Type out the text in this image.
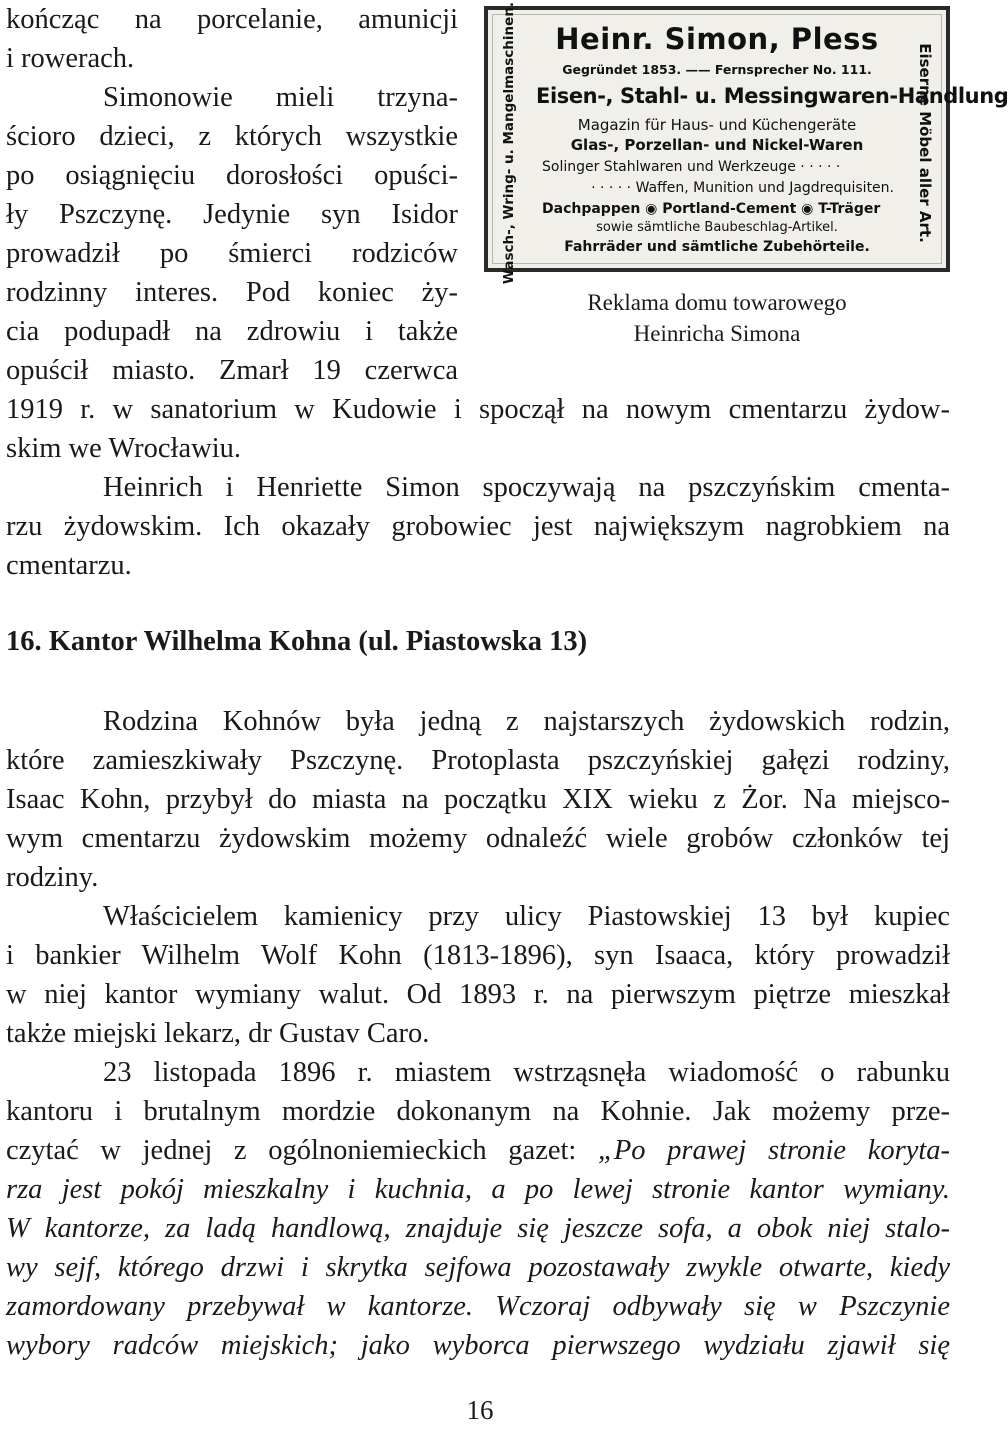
kończąc na porcelanie, amunicji
i rowerach.
Simonowie mieli trzyna-
ścioro dzieci, z których wszystkie
po osiągnięciu dorosłości opuści-
ły Pszczynę. Jedynie syn Isidor
prowadził po śmierci rodziców
rodzinny interes. Pod koniec ży-
cia podupadł na zdrowiu i także
opuścił miasto. Zmarł 19 czerwca
Wasch-, Wring- u. Mangelmaschinen.	Eiserne Möbel aller Art.
Heinr. Simon, Pless
Gegründet 1853. —— Fernsprecher No. 111.
Eisen-, Stahl- u. Messingwaren-Handlung
Magazin für Haus- und Küchengeräte
Glas-, Porzellan- und Nickel-Waren
Solinger Stahlwaren und Werkzeuge · · · · ·
· · · · · Waffen, Munition und Jagdrequisiten.
Dachpappen ◉ Portland-Cement ◉ T-Träger
sowie sämtliche Baubeschlag-Artikel.
Fahrräder und sämtliche Zubehörteile.
Reklama domu towarowego
Heinricha Simona
1919 r. w sanatorium w Kudowie i spoczął na nowym cmentarzu żydow-
skim we Wrocławiu.
Heinrich i Henriette Simon spoczywają na pszczyńskim cmenta-
rzu żydowskim. Ich okazały grobowiec jest największym nagrobkiem na
cmentarzu.
16. Kantor Wilhelma Kohna (ul. Piastowska 13)
Rodzina Kohnów była jedną z najstarszych żydowskich rodzin,
które zamieszkiwały Pszczynę. Protoplasta pszczyńskiej gałęzi rodziny,
Isaac Kohn, przybył do miasta na początku XIX wieku z Żor. Na miejsco-
wym cmentarzu żydowskim możemy odnaleźć wiele grobów członków tej
rodziny.
Właścicielem kamienicy przy ulicy Piastowskiej 13 był kupiec
i bankier Wilhelm Wolf Kohn (1813-1896), syn Isaaca, który prowadził
w niej kantor wymiany walut. Od 1893 r. na pierwszym piętrze mieszkał
także miejski lekarz, dr Gustav Caro.
23 listopada 1896 r. miastem wstrząsnęła wiadomość o rabunku
kantoru i brutalnym mordzie dokonanym na Kohnie. Jak możemy prze-
czytać w jednej z ogólnoniemieckich gazet: „Po prawej stronie koryta-
rza jest pokój mieszkalny i kuchnia, a po lewej stronie kantor wymiany.
W kantorze, za ladą handlową, znajduje się jeszcze sofa, a obok niej stalo-
wy sejf, którego drzwi i skrytka sejfowa pozostawały zwykle otwarte, kiedy
zamordowany przebywał w kantorze. Wczoraj odbywały się w Pszczynie
wybory radców miejskich; jako wyborca pierwszego wydziału zjawił się
16
